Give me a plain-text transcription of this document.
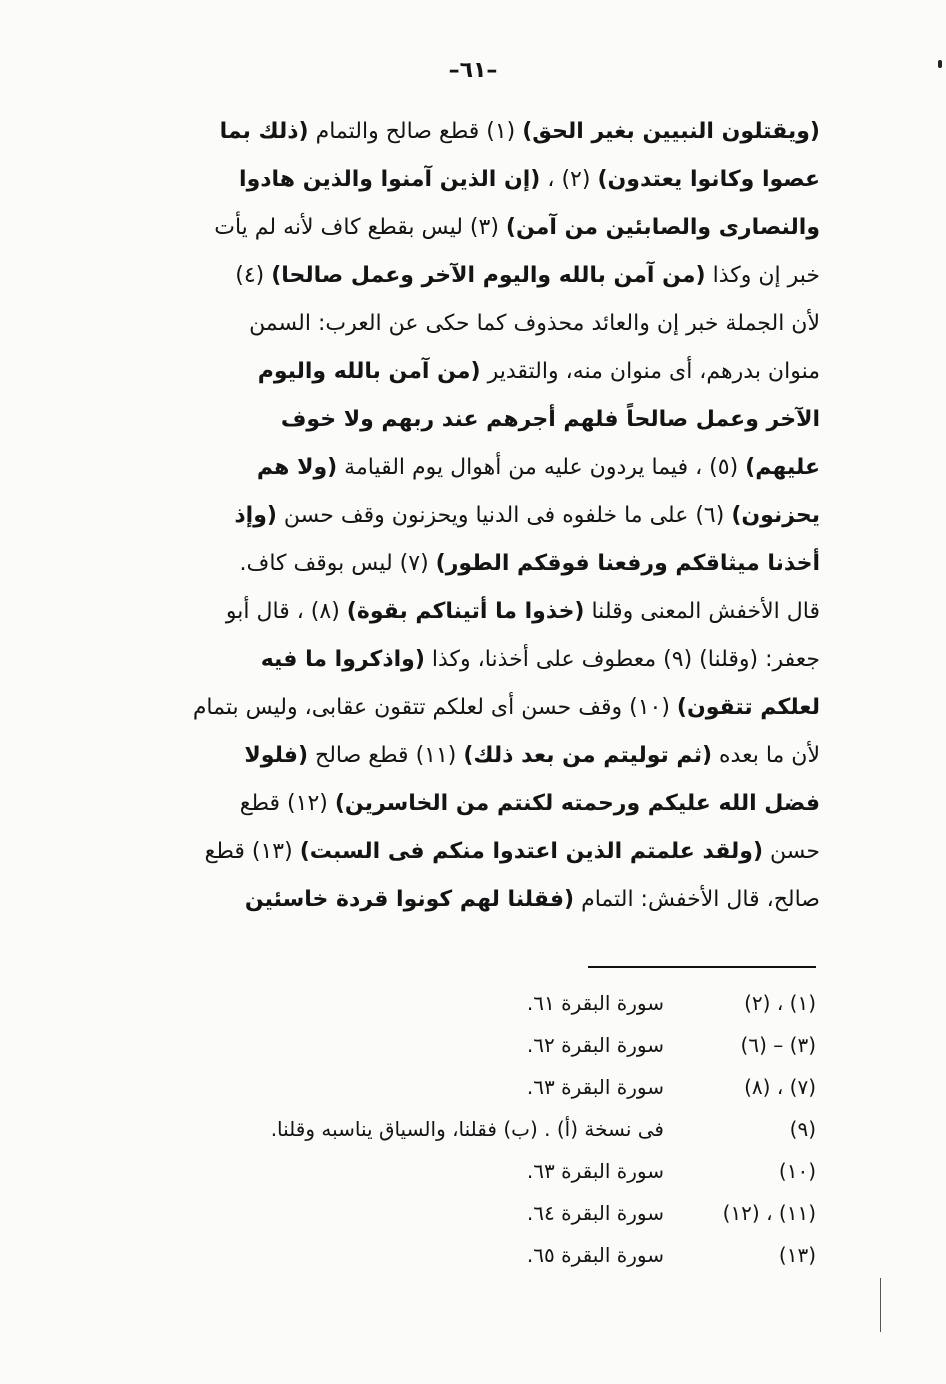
–٦١–
(ويقتلون النبيين بغير الحق) (١) قطع صالح والتمام (ذلك بما
عصوا وكانوا يعتدون) (٢) ، (إن الذين آمنوا والذين هادوا
والنصارى والصابئين من آمن) (٣) ليس بقطع كاف لأنه لم يأت
خبر إن وكذا (من آمن بالله واليوم الآخر وعمل صالحا) (٤)
لأن الجملة خبر إن والعائد محذوف كما حكى عن العرب: السمن
منوان بدرهم، أى منوان منه، والتقدير (من آمن بالله واليوم
الآخر وعمل صالحاً فلهم أجرهم عند ربهم ولا خوف
عليهم) (٥) ، فيما يردون عليه من أهوال يوم القيامة (ولا هم
يحزنون) (٦) على ما خلفوه فى الدنيا ويحزنون وقف حسن (وإذ
أخذنا ميثاقكم ورفعنا فوقكم الطور) (٧) ليس بوقف كاف.
قال الأخفش المعنى وقلنا (خذوا ما أتيناكم بقوة) (٨) ، قال أبو
جعفر: (وقلنا) (٩) معطوف على أخذنا، وكذا (واذكروا ما فيه
لعلكم تتقون) (١٠) وقف حسن أى لعلكم تتقون عقابى، وليس بتمام
لأن ما بعده (ثم توليتم من بعد ذلك) (١١) قطع صالح (فلولا
فضل الله عليكم ورحمته لكنتم من الخاسرين) (١٢) قطع
حسن (ولقد علمتم الذين اعتدوا منكم فى السبت) (١٣) قطع
صالح، قال الأخفش: التمام (فقلنا لهم كونوا قردة خاسئين
(١) ، (٢)
سورة البقرة ٦١.
(٣) – (٦)
سورة البقرة ٦٢.
(٧) ، (٨)
سورة البقرة ٦٣.
(٩)
فى نسخة (أ) . (ب) فقلنا، والسياق يناسبه وقلنا.
(١٠)
سورة البقرة ٦٣.
(١١) ، (١٢)
سورة البقرة ٦٤.
(١٣)
سورة البقرة ٦٥.
